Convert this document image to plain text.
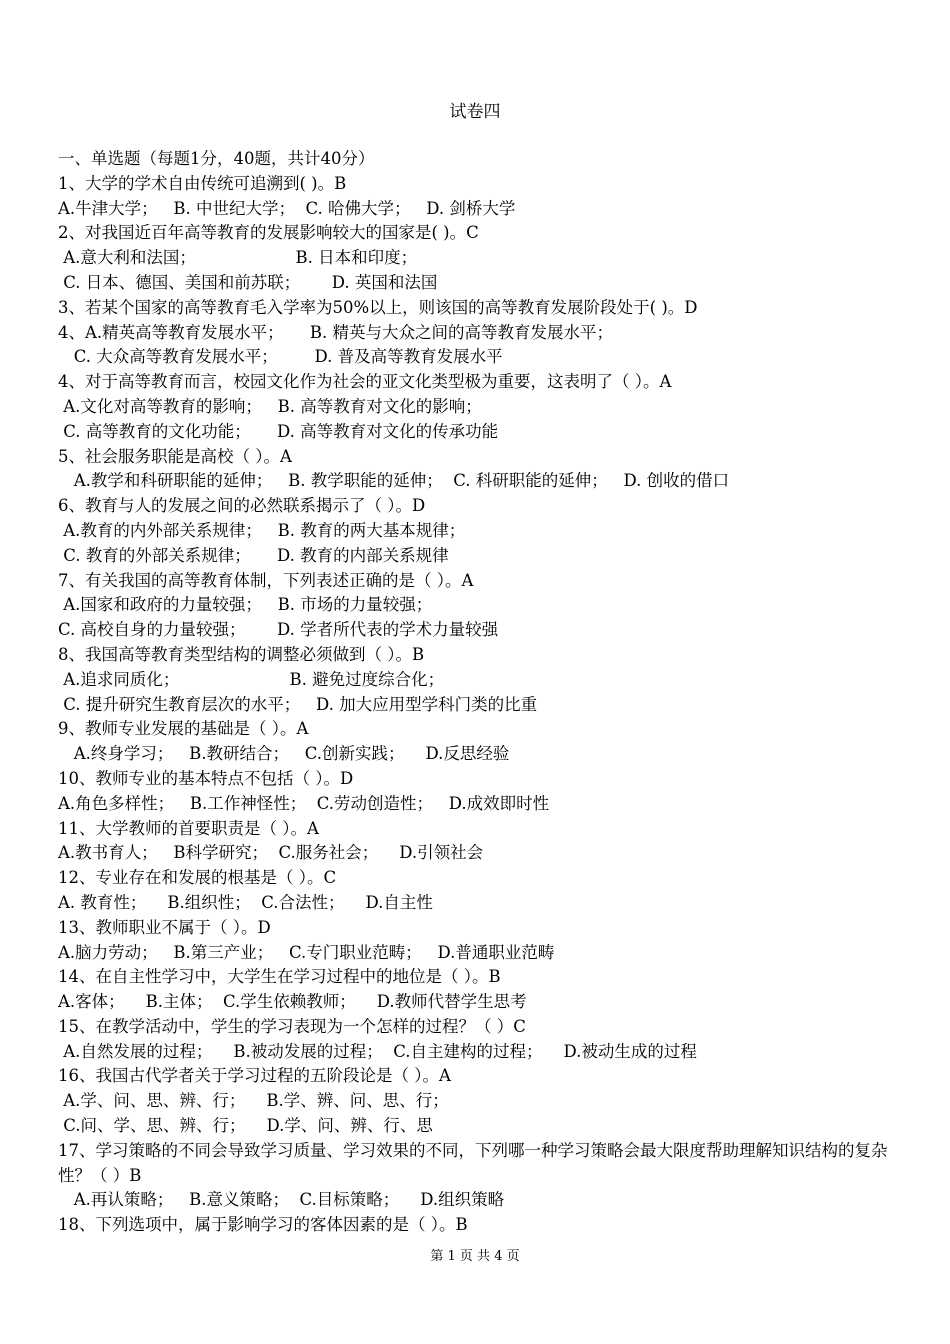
试卷四
一、单选题（每题1分，40题，共计40分）
1、大学的学术自由传统可追溯到( )。B
A.牛津大学；   B. 中世纪大学；  C. 哈佛大学；   D. 剑桥大学
2、对我国近百年高等教育的发展影响较大的国家是( )。C
A.意大利和法国；                   B. 日本和印度；
C. 日本、德国、美国和前苏联；      D. 英国和法国
3、若某个国家的高等教育毛入学率为50%以上，则该国的高等教育发展阶段处于( )。D
4、A.精英高等教育发展水平；     B. 精英与大众之间的高等教育发展水平；
C. 大众高等教育发展水平；       D. 普及高等教育发展水平
4、对于高等教育而言，校园文化作为社会的亚文化类型极为重要，这表明了（ ）。A
A.文化对高等教育的影响；   B. 高等教育对文化的影响；
C. 高等教育的文化功能；     D. 高等教育对文化的传承功能
5、社会服务职能是高校（ ）。A
A.教学和科研职能的延伸；   B. 教学职能的延伸；  C. 科研职能的延伸；   D. 创收的借口
6、教育与人的发展之间的必然联系揭示了（ ）。D
A.教育的内外部关系规律；   B. 教育的两大基本规律；
C. 教育的外部关系规律；     D. 教育的内部关系规律
7、有关我国的高等教育体制，下列表述正确的是（ ）。A
A.国家和政府的力量较强；   B. 市场的力量较强；
C. 高校自身的力量较强；      D. 学者所代表的学术力量较强
8、我国高等教育类型结构的调整必须做到（ ）。B
A.追求同质化；                     B. 避免过度综合化；
C. 提升研究生教育层次的水平；   D. 加大应用型学科门类的比重
9、教师专业发展的基础是（ ）。A
A.终身学习；   B.教研结合；   C.创新实践；    D.反思经验
10、教师专业的基本特点不包括（ ）。D
A.角色多样性；   B.工作神怪性；  C.劳动创造性；   D.成效即时性
11、大学教师的首要职责是（ ）。A
A.教书育人；   B科学研究；  C.服务社会；    D.引领社会
12、专业存在和发展的根基是（ ）。C
A. 教育性；    B.组织性；  C.合法性；    D.自主性
13、教师职业不属于（ ）。D
A.脑力劳动；   B.第三产业；   C.专门职业范畴；   D.普通职业范畴
14、在自主性学习中，大学生在学习过程中的地位是（ ）。B
A.客体；    B.主体；  C.学生依赖教师；    D.教师代替学生思考
15、在教学活动中，学生的学习表现为一个怎样的过程？（ ）C
A.自然发展的过程；    B.被动发展的过程；  C.自主建构的过程；    D.被动生成的过程
16、我国古代学者关于学习过程的五阶段论是（ ）。A
A.学、问、思、辨、行；    B.学、辨、问、思、行；
C.问、学、思、辨、行；    D.学、问、辨、行、思
17、学习策略的不同会导致学习质量、学习效果的不同，下列哪一种学习策略会最大限度帮助理解知识结构的复杂性？（ ）B
A.再认策略；   B.意义策略；  C.目标策略；    D.组织策略
18、下列选项中，属于影响学习的客体因素的是（ ）。B
第 1 页 共 4 页
